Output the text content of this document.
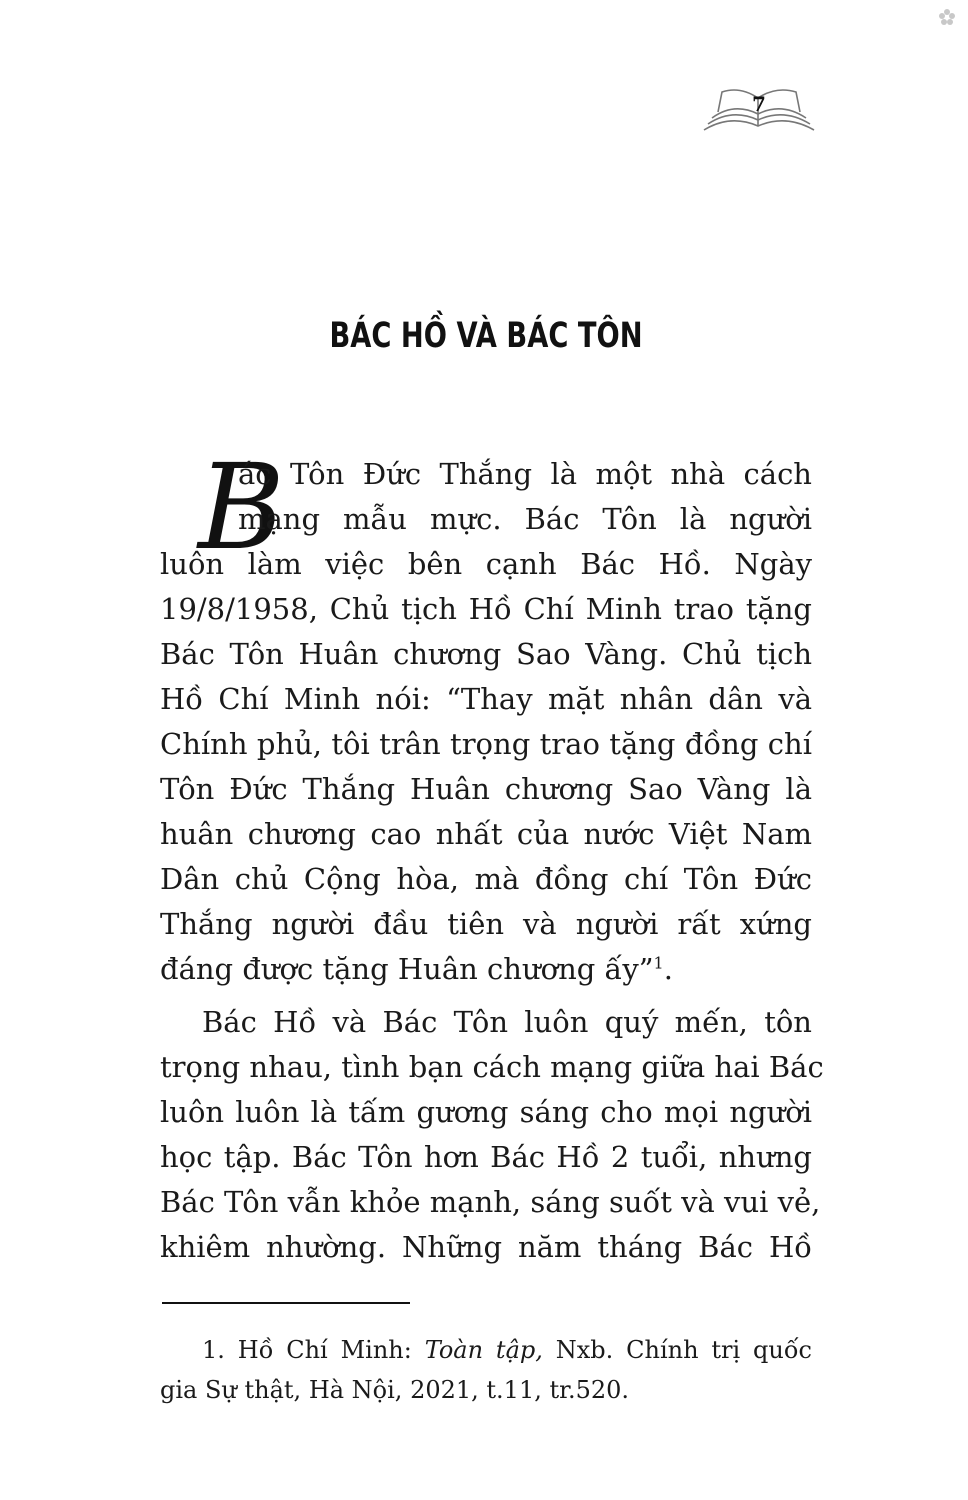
7
BÁC HỒ VÀ BÁC TÔN
B
ác Tôn Đức Thắng là một nhà cách
mạng mẫu mực. Bác Tôn là người
luôn làm việc bên cạnh Bác Hồ. Ngày
19/8/1958, Chủ tịch Hồ Chí Minh trao tặng
Bác Tôn Huân chương Sao Vàng. Chủ tịch
Hồ Chí Minh nói: “Thay mặt nhân dân và
Chính phủ, tôi trân trọng trao tặng đồng chí
Tôn Đức Thắng Huân chương Sao Vàng là
huân chương cao nhất của nước Việt Nam
Dân chủ Cộng hòa, mà đồng chí Tôn Đức
Thắng người đầu tiên và người rất xứng
đáng được tặng Huân chương ấy”$^1$.
Bác Hồ và Bác Tôn luôn quý mến, tôn
trọng nhau, tình bạn cách mạng giữa hai Bác
luôn luôn là tấm gương sáng cho mọi người
học tập. Bác Tôn hơn Bác Hồ 2 tuổi, nhưng
Bác Tôn vẫn khỏe mạnh, sáng suốt và vui vẻ,
khiêm nhường. Những năm tháng Bác Hồ
1. Hồ Chí Minh: Toàn tập, Nxb. Chính trị quốc
gia Sự thật, Hà Nội, 2021, t.11, tr.520.
